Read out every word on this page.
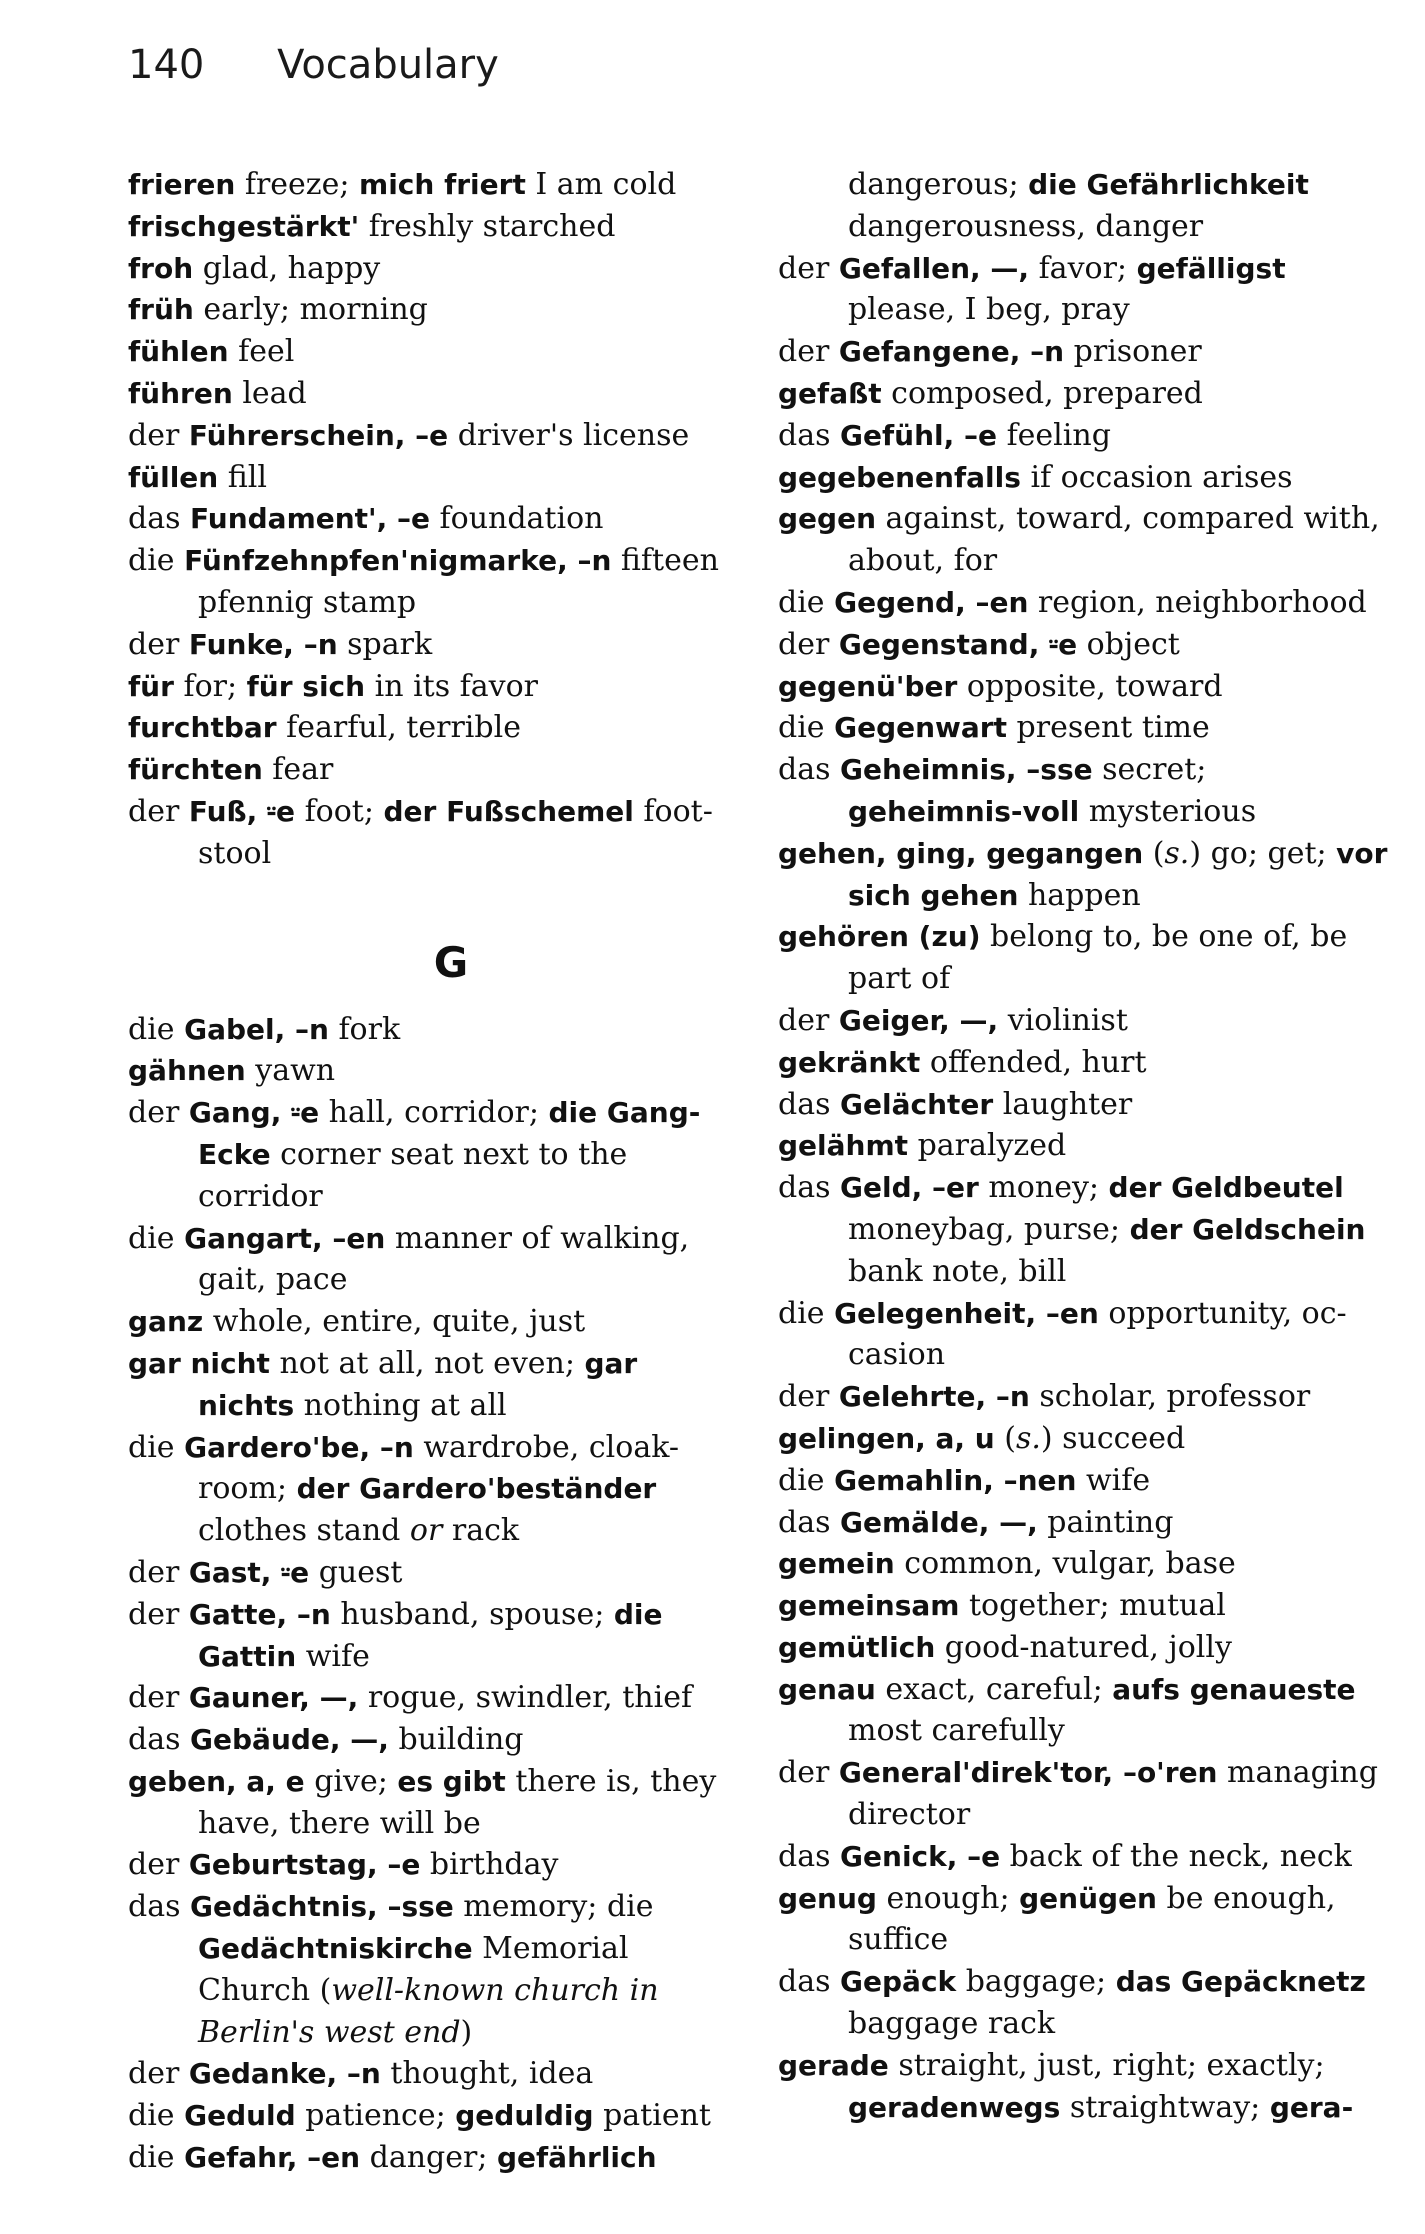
140 Vocabulary

frieren freeze; mich friert I am cold

frischgestärkt' freshly starched

froh glad, happy

früh early; morning

fühlen feel

führen lead

der Führerschein, –e driver's license

füllen fill

das Fundament', –e foundation

die Fünfzehnpfen'nigmarke, –n fifteen pfennig stamp

der Funke, –n spark

für for; für sich in its favor

furchtbar fearful, terrible

fürchten fear

der Fuß, ⸚e foot; der Fußschemel foot-stool

G

die Gabel, –n fork

gähnen yawn

der Gang, ⸚e hall, corridor; die Gang-Ecke corner seat next to the corridor

die Gangart, –en manner of walking, gait, pace

ganz whole, entire, quite, just

gar nicht not at all, not even; gar nichts nothing at all

die Gardero'be, –n wardrobe, cloak-room; der Gardero'beständer clothes stand or rack

der Gast, ⸚e guest

der Gatte, –n husband, spouse; die Gattin wife

der Gauner, —, rogue, swindler, thief

das Gebäude, —, building

geben, a, e give; es gibt there is, they have, there will be

der Geburtstag, –e birthday

das Gedächtnis, –sse memory; die Gedächtniskirche Memorial Church (well-known church in Berlin's west end)

der Gedanke, –n thought, idea

die Geduld patience; geduldig patient

die Gefahr, –en danger; gefährlich

dangerous; die Gefährlichkeit dangerousness, danger

der Gefallen, —, favor; gefälligst please, I beg, pray

der Gefangene, –n prisoner

gefaßt composed, prepared

das Gefühl, –e feeling

gegebenenfalls if occasion arises

gegen against, toward, compared with, about, for

die Gegend, –en region, neighborhood

der Gegenstand, ⸚e object

gegenü'ber opposite, toward

die Gegenwart present time

das Geheimnis, –sse secret; geheimnis-voll mysterious

gehen, ging, gegangen (s.) go; get; vor sich gehen happen

gehören (zu) belong to, be one of, be part of

der Geiger, —, violinist

gekränkt offended, hurt

das Gelächter laughter

gelähmt paralyzed

das Geld, –er money; der Geldbeutel moneybag, purse; der Geldschein bank note, bill

die Gelegenheit, –en opportunity, oc-casion

der Gelehrte, –n scholar, professor

gelingen, a, u (s.) succeed

die Gemahlin, –nen wife

das Gemälde, —, painting

gemein common, vulgar, base

gemeinsam together; mutual

gemütlich good-natured, jolly

genau exact, careful; aufs genaueste most carefully

der General'direk'tor, –o'ren managing director

das Genick, –e back of the neck, neck

genug enough; genügen be enough, suffice

das Gepäck baggage; das Gepäcknetz baggage rack

gerade straight, just, right; exactly; geradenwegs straightway; gera-
